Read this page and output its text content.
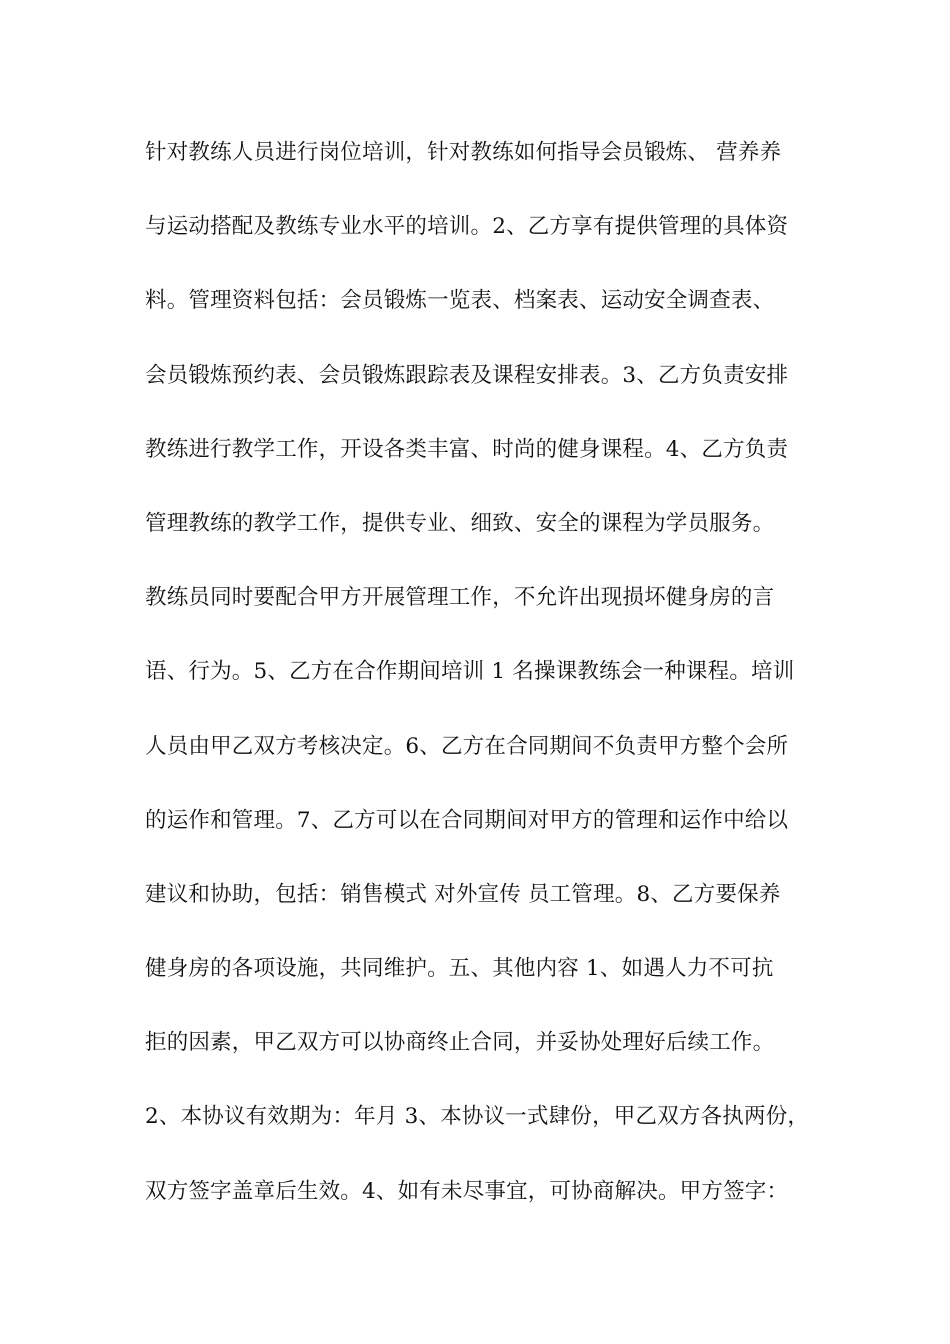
针对教练人员进行岗位培训，针对教练如何指导会员锻炼、 营养养
与运动搭配及教练专业水平的培训。2、乙方享有提供管理的具体资
料。管理资料包括：会员锻炼一览表、档案表、运动安全调查表、
会员锻炼预约表、会员锻炼跟踪表及课程安排表。3、乙方负责安排
教练进行教学工作，开设各类丰富、时尚的健身课程。4、乙方负责
管理教练的教学工作，提供专业、细致、安全的课程为学员服务。
教练员同时要配合甲方开展管理工作，不允许出现损坏健身房的言
语、行为。5、乙方在合作期间培训 1 名操课教练会一种课程。培训
人员由甲乙双方考核决定。6、乙方在合同期间不负责甲方整个会所
的运作和管理。7、乙方可以在合同期间对甲方的管理和运作中给以
建议和协助，包括：销售模式 对外宣传 员工管理。8、乙方要保养
健身房的各项设施，共同维护。五、其他内容 1、如遇人力不可抗
拒的因素，甲乙双方可以协商终止合同，并妥协处理好后续工作。
2、本协议有效期为：年月 3、本协议一式肆份，甲乙双方各执两份，
双方签字盖章后生效。4、如有未尽事宜，可协商解决。甲方签字：
